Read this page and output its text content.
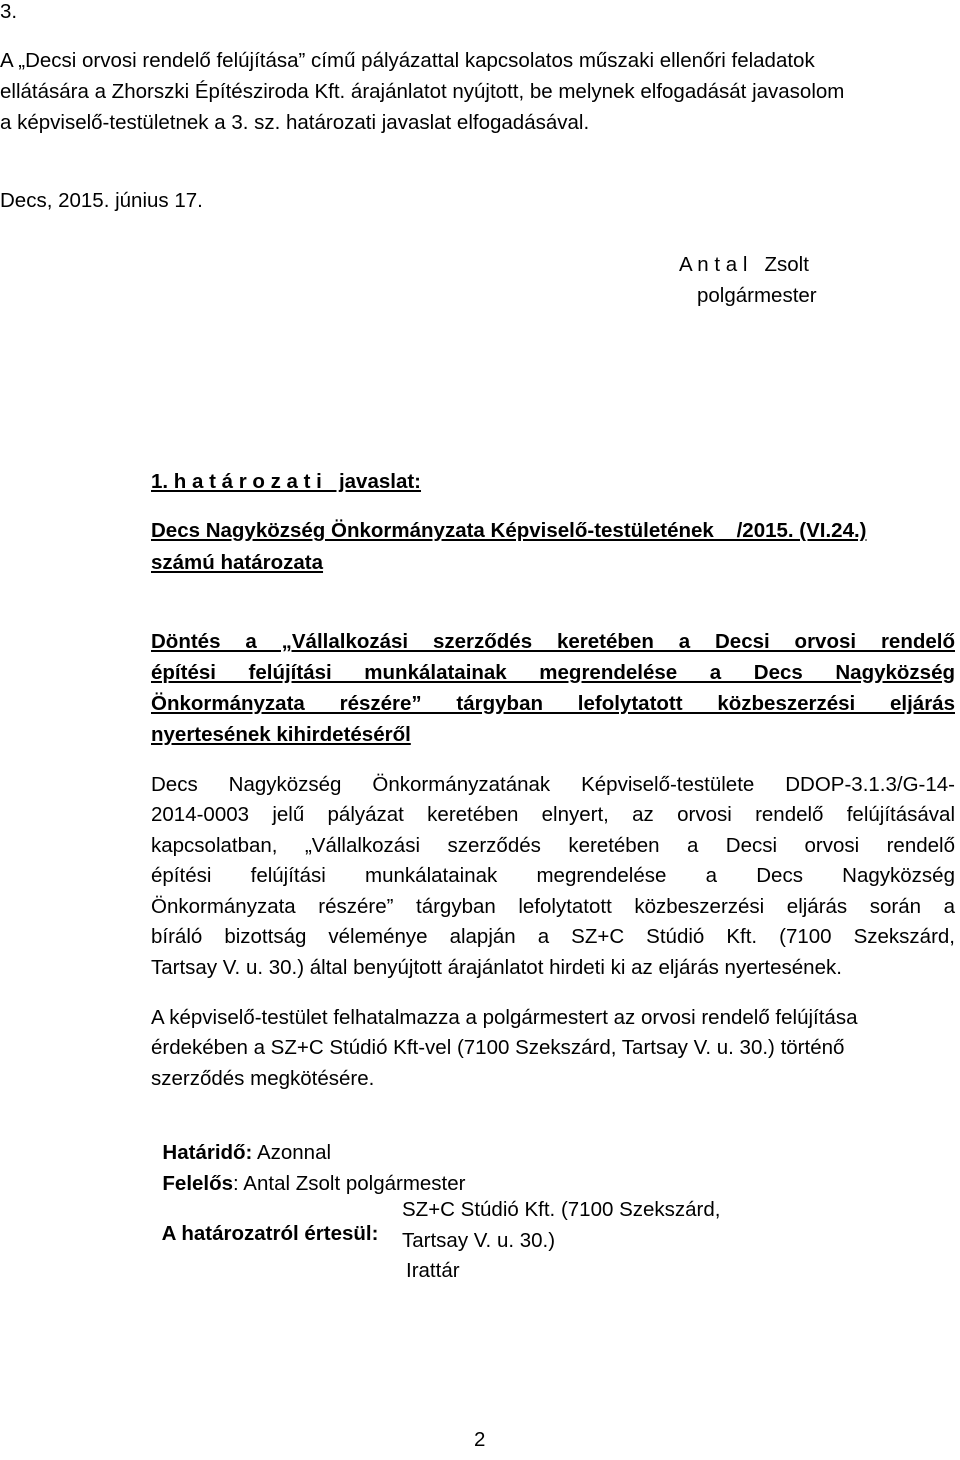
3.
A „Decsi orvosi rendelő felújítása” című pályázattal kapcsolatos műszaki ellenőri feladatok
ellátására a Zhorszki Építésziroda Kft. árajánlatot nyújtott, be melynek elfogadását javasolom
a képviselő-testületnek a 3. sz. határozati javaslat elfogadásával.
Decs, 2015. június 17.
A n t a l   Zsolt
polgármester
1. h a t á r o z a t i   javaslat:
Decs Nagyközség Önkormányzata Képviselő-testületének    /2015. (VI.24.)
számú határozata
Döntés a „Vállalkozási szerződés keretében a Decsi orvosi rendelő
építési felújítási munkálatainak megrendelése a Decs Nagyközség
Önkormányzata részére” tárgyban lefolytatott közbeszerzési eljárás
nyertesének kihirdetéséről
Decs Nagyközség Önkormányzatának Képviselő-testülete DDOP-3.1.3/G-14-
2014-0003 jelű pályázat keretében elnyert, az orvosi rendelő felújításával
kapcsolatban, „Vállalkozási szerződés keretében a Decsi orvosi rendelő
építési felújítási munkálatainak megrendelése a Decs Nagyközség
Önkormányzata részére” tárgyban lefolytatott közbeszerzési eljárás során a
bíráló bizottság véleménye alapján a SZ+C Stúdió Kft. (7100 Szekszárd,
Tartsay V. u. 30.) által benyújtott árajánlatot hirdeti ki az eljárás nyertesének.
A képviselő-testület felhatalmazza a polgármestert az orvosi rendelő felújítása
érdekében a SZ+C Stúdió Kft-vel (7100 Szekszárd, Tartsay V. u. 30.) történő
szerződés megkötésére.

Határidő: Azonnal

Felelős: Antal Zsolt polgármester

A határozatról értesül:

SZ+C Stúdió Kft. (7100 Szekszárd,
Tartsay V. u. 30.)
Irattár
2
